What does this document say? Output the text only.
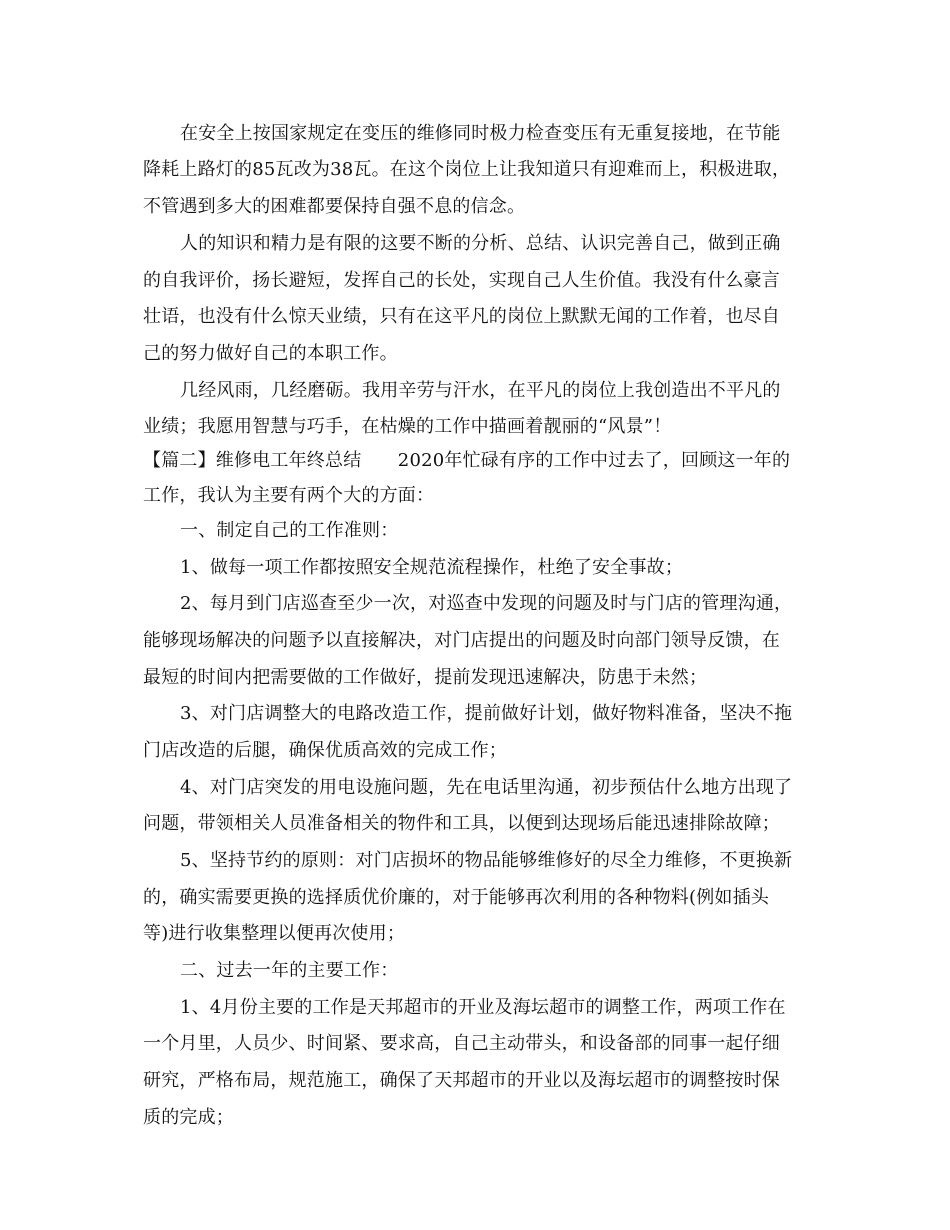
在安全上按国家规定在变压的维修同时极力检查变压有无重复接地，在节能
降耗上路灯的85瓦改为38瓦。在这个岗位上让我知道只有迎难而上，积极进取，
不管遇到多大的困难都要保持自强不息的信念。
人的知识和精力是有限的这要不断的分析、总结、认识完善自己，做到正确
的自我评价，扬长避短，发挥自己的长处，实现自己人生价值。我没有什么豪言
壮语，也没有什么惊天业绩，只有在这平凡的岗位上默默无闻的工作着，也尽自
己的努力做好自己的本职工作。
几经风雨，几经磨砺。我用辛劳与汗水，在平凡的岗位上我创造出不平凡的
业绩；我愿用智慧与巧手，在枯燥的工作中描画着靓丽的“风景”！
【篇二】维修电工年终总结　　2020年忙碌有序的工作中过去了，回顾这一年的
工作，我认为主要有两个大的方面：
一、制定自己的工作准则：
1、做每一项工作都按照安全规范流程操作，杜绝了安全事故；
2、每月到门店巡查至少一次，对巡查中发现的问题及时与门店的管理沟通，
能够现场解决的问题予以直接解决，对门店提出的问题及时向部门领导反馈，在
最短的时间内把需要做的工作做好，提前发现迅速解决，防患于未然；
3、对门店调整大的电路改造工作，提前做好计划，做好物料准备，坚决不拖
门店改造的后腿，确保优质高效的完成工作；
4、对门店突发的用电设施问题，先在电话里沟通，初步预估什么地方出现了
问题，带领相关人员准备相关的物件和工具，以便到达现场后能迅速排除故障；
5、坚持节约的原则：对门店损坏的物品能够维修好的尽全力维修，不更换新
的，确实需要更换的选择质优价廉的，对于能够再次利用的各种物料(例如插头
等)进行收集整理以便再次使用；
二、过去一年的主要工作：
1、4月份主要的工作是天邦超市的开业及海坛超市的调整工作，两项工作在
一个月里，人员少、时间紧、要求高，自己主动带头，和设备部的同事一起仔细
研究，严格布局，规范施工，确保了天邦超市的开业以及海坛超市的调整按时保
质的完成；
